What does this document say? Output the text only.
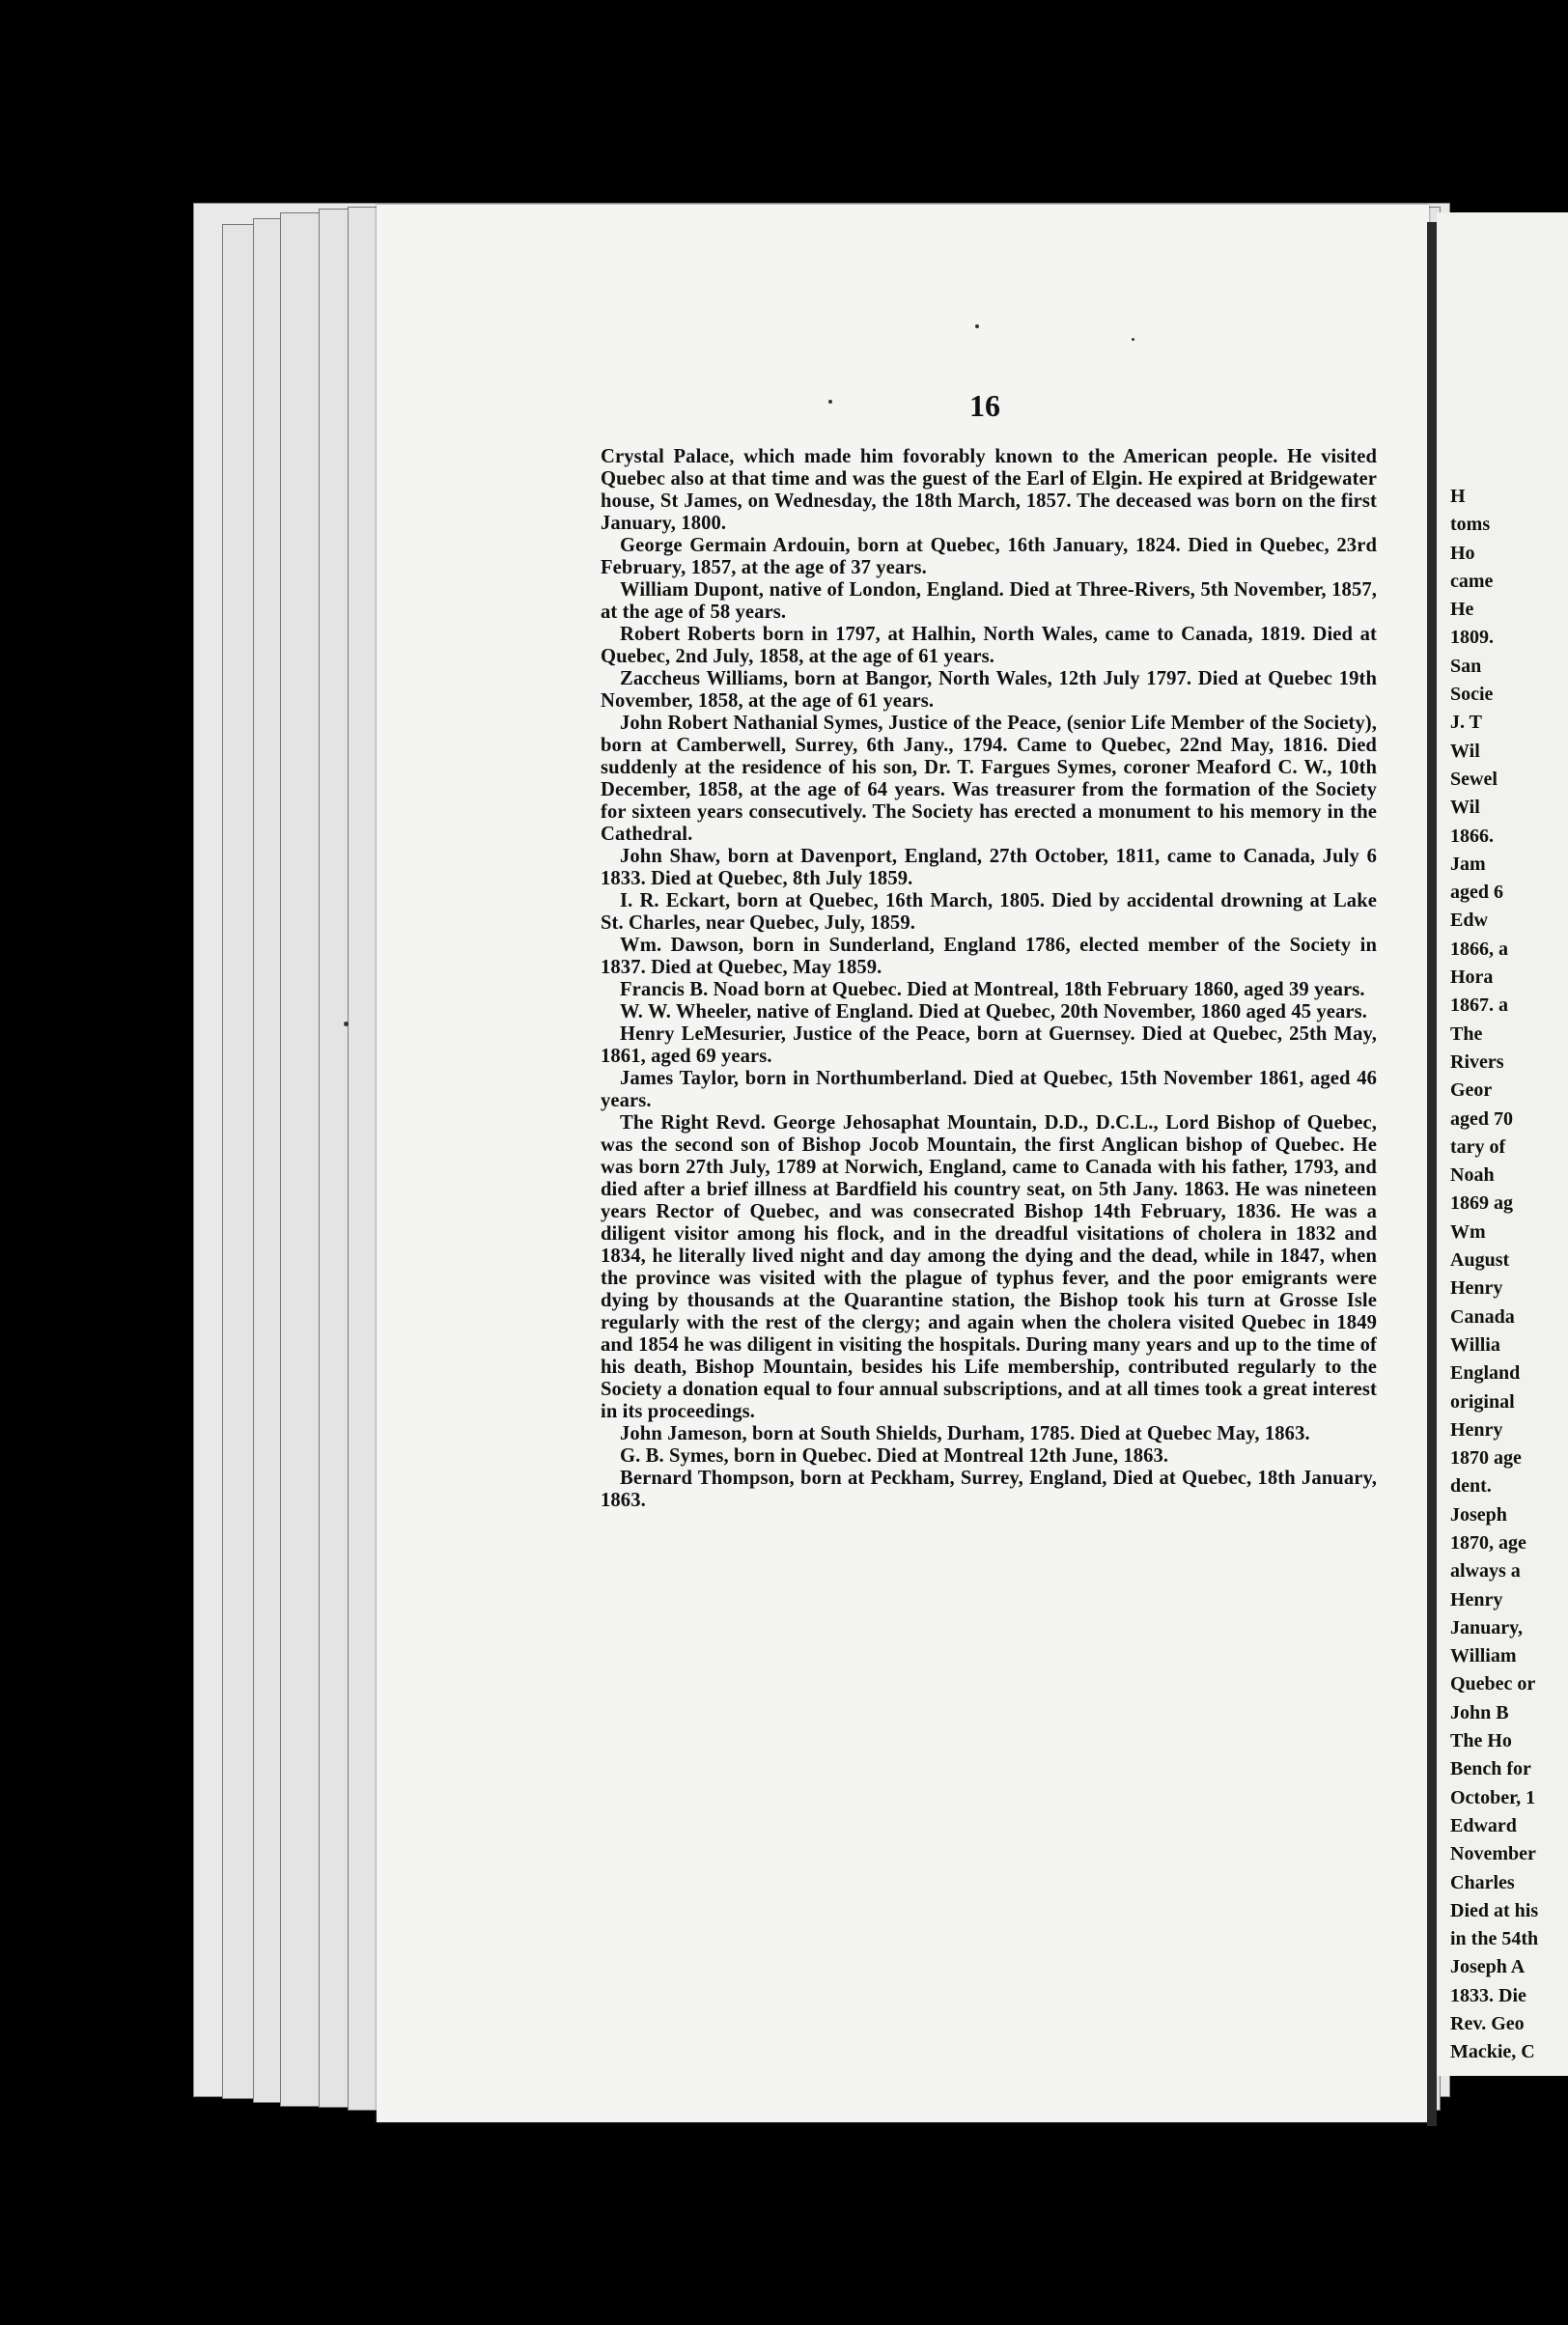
16

Crystal Palace, which made him fovorably known to the American people. He visited Quebec also at that time and was the guest of the Earl of Elgin. He expired at Bridgewater house, St James, on Wednesday, the 18th March, 1857. The deceased was born on the first January, 1800.

George Germain Ardouin, born at Quebec, 16th January, 1824. Died in Quebec, 23rd February, 1857, at the age of 37 years.

William Dupont, native of London, England. Died at Three-Rivers, 5th November, 1857, at the age of 58 years.

Robert Roberts born in 1797, at Halhin, North Wales, came to Canada, 1819. Died at Quebec, 2nd July, 1858, at the age of 61 years.

Zaccheus Williams, born at Bangor, North Wales, 12th July 1797. Died at Quebec 19th November, 1858, at the age of 61 years.

John Robert Nathanial Symes, Justice of the Peace, (senior Life Member of the Society), born at Camberwell, Surrey, 6th Jany., 1794. Came to Quebec, 22nd May, 1816. Died suddenly at the residence of his son, Dr. T. Fargues Symes, coroner Meaford C. W., 10th December, 1858, at the age of 64 years. Was treasurer from the formation of the Society for sixteen years consecutively. The Society has erected a monument to his memory in the Cathedral.

John Shaw, born at Davenport, England, 27th October, 1811, came to Canada, July 6 1833. Died at Quebec, 8th July 1859.

I. R. Eckart, born at Quebec, 16th March, 1805. Died by accidental drowning at Lake St. Charles, near Quebec, July, 1859.

Wm. Dawson, born in Sunderland, England 1786, elected member of the Society in 1837. Died at Quebec, May 1859.

Francis B. Noad born at Quebec. Died at Montreal, 18th February 1860, aged 39 years.

W. W. Wheeler, native of England. Died at Quebec, 20th November, 1860 aged 45 years.

Henry LeMesurier, Justice of the Peace, born at Guernsey. Died at Quebec, 25th May, 1861, aged 69 years.

James Taylor, born in Northumberland. Died at Quebec, 15th November 1861, aged 46 years.

The Right Revd. George Jehosaphat Mountain, D.D., D.C.L., Lord Bishop of Quebec, was the second son of Bishop Jocob Mountain, the first Anglican bishop of Quebec. He was born 27th July, 1789 at Norwich, England, came to Canada with his father, 1793, and died after a brief illness at Bardfield his country seat, on 5th Jany. 1863. He was nineteen years Rector of Quebec, and was consecrated Bishop 14th February, 1836. He was a diligent visitor among his flock, and in the dreadful visitations of cholera in 1832 and 1834, he literally lived night and day among the dying and the dead, while in 1847, when the province was visited with the plague of typhus fever, and the poor emigrants were dying by thousands at the Quarantine station, the Bishop took his turn at Grosse Isle regularly with the rest of the clergy; and again when the cholera visited Quebec in 1849 and 1854 he was diligent in visiting the hospitals. During many years and up to the time of his death, Bishop Mountain, besides his Life membership, contributed regularly to the Society a donation equal to four annual subscriptions, and at all times took a great interest in its proceedings.

John Jameson, born at South Shields, Durham, 1785. Died at Quebec May, 1863.

G. B. Symes, born in Quebec. Died at Montreal 12th June, 1863.

Bernard Thompson, born at Peckham, Surrey, England, Died at Quebec, 18th January, 1863.

H
toms
Ho
came
He
1809.
San
Socie
J. T
Wil
Sewel
Wil
1866.
Jam
aged 6
Edw
1866, a
Hora
1867. a
The
Rivers
Geor
aged 70
tary of
Noah
1869 ag
Wm
August
Henry
Canada
Willia
England
original
Henry
1870 age
dent.
Joseph
1870, age
always a
Henry
January,
William
Quebec or
John B
The Ho
Bench for
October, 1
Edward
November
Charles
Died at his
in the 54th
Joseph A
1833. Die
Rev. Geo
Mackie, C
